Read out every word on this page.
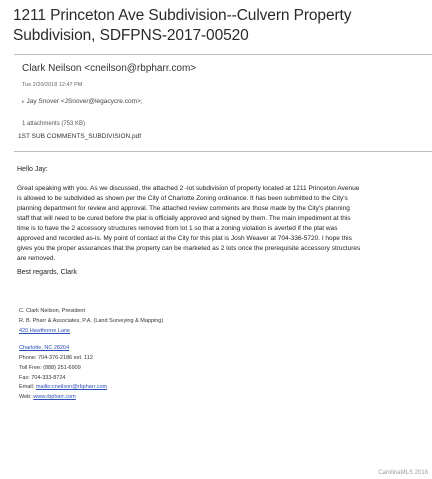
1211 Princeton Ave Subdivision--Culvern Property Subdivision, SDFPNS-2017-00520
Clark Neilson <cneilson@rbpharr.com>
Tue 2/20/2018 12:47 PM
▸ Jay Snover <JSnover@legacycre.com>;
1 attachments (753 KB)
1ST SUB COMMENTS_SUBDIVISION.pdf
Hello Jay:
Great speaking with you. As we discussed, the attached 2 -lot subdivision of property located at 1211 Princeton Avenue
is allowed to be subdivided as shown per the City of Charlotte Zoning ordinance. It has been submitted to the City's
planning department for review and approval. The attached review comments are those made by the City's planning
staff that will need to be cured before the plat is officially approved and signed by them. The main impediment at this
time is to have the 2 accessory structures removed from lot 1 so that a zoning violation is averted if the plat was
approved and recorded as-is. My point of contact at the City for this plat is Josh Weaver at 704-336-5720. I hope this
gives you the proper assurances that the property can be marketed as 2 lots once the prerequisite accessory structures
are removed.
Best regards, Clark
C. Clark Neilson, President
R. B. Pharr & Associates, P.A. (Land Surveying & Mapping)
420 Hawthorne Lane
Charlotte, NC 28204
Phone: 704-376-2186 ext. 112
Toll Free: (888) 251-6909
Fax: 704-333-8724
Email: mailto:cneilson@rbpharr.com
Web: www.rbpharr.com
CarolinaMLS 2018
